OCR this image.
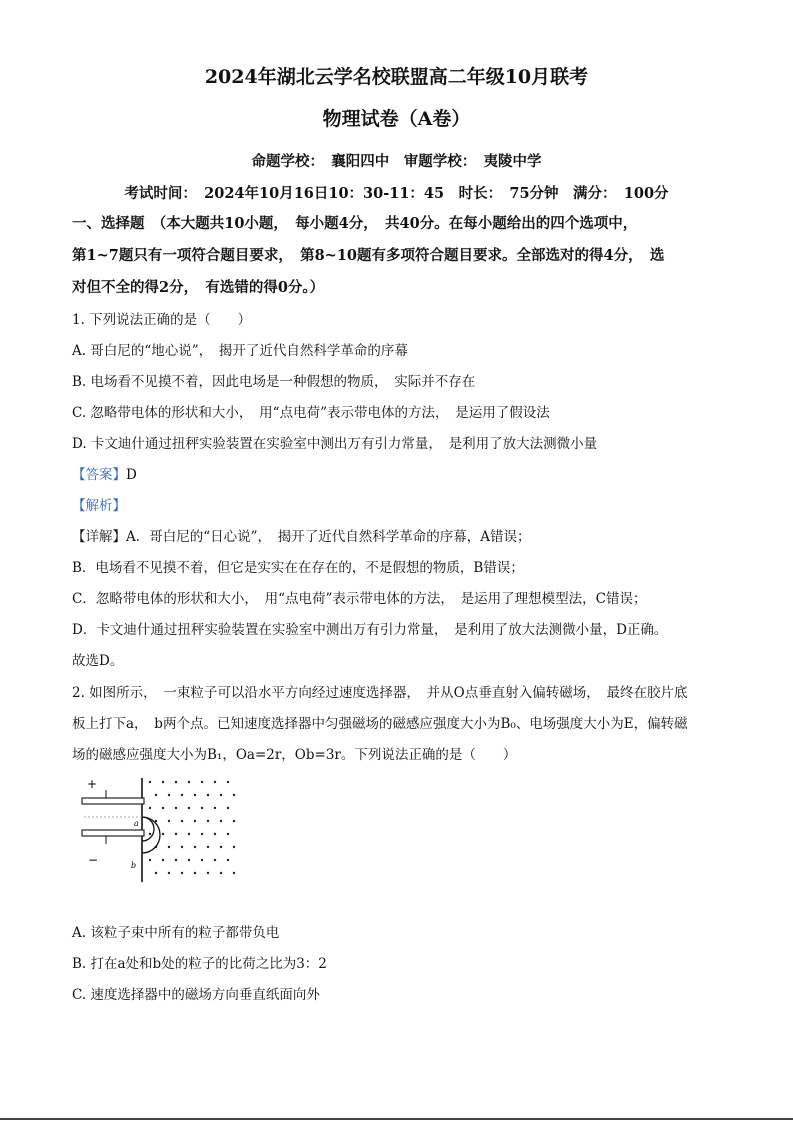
2024年湖北云学名校联盟高二年级10月联考
物理试卷（A卷）
命题学校：　襄阳四中　审题学校：　夷陵中学
考试时间：　2024年10月16日10：30-11：45　时长：　75分钟　满分：　100分
一、选择题　（本大题共10小题，　每小题4分，　共40分。在每小题给出的四个选项中，
第1~7题只有一项符合题目要求，　第8~10题有多项符合题目要求。全部选对的得4分，　选
对但不全的得2分，　有选错的得0分。）
1. 下列说法正确的是（　　）
A. 哥白尼的“地心说”，　揭开了近代自然科学革命的序幕
B. 电场看不见摸不着，因此电场是一种假想的物质，　实际并不存在
C. 忽略带电体的形状和大小，　用“点电荷”表示带电体的方法，　是运用了假设法
D. 卡文迪什通过扭秤实验装置在实验室中测出万有引力常量，　是利用了放大法测微小量
【答案】D
【解析】
【详解】A．哥白尼的“日心说”，　揭开了近代自然科学革命的序幕，A错误；
B．电场看不见摸不着，但它是实实在在存在的，不是假想的物质，B错误；
C．忽略带电体的形状和大小，　用“点电荷”表示带电体的方法，　是运用了理想模型法，C错误；
D．卡文迪什通过扭秤实验装置在实验室中测出万有引力常量，　是利用了放大法测微小量，D正确。
故选D。
2. 如图所示，　一束粒子可以沿水平方向经过速度选择器，　并从O点垂直射入偏转磁场，　最终在胶片底
板上打下a，　b两个点。已知速度选择器中匀强磁场的磁感应强度大小为B₀、电场强度大小为E，偏转磁
场的磁感应强度大小为B₁，Oa=2r，Ob=3r。下列说法正确的是（　　）
+
−
a
b
A. 该粒子束中所有的粒子都带负电
B. 打在a处和b处的粒子的比荷之比为3：2
C. 速度选择器中的磁场方向垂直纸面向外
